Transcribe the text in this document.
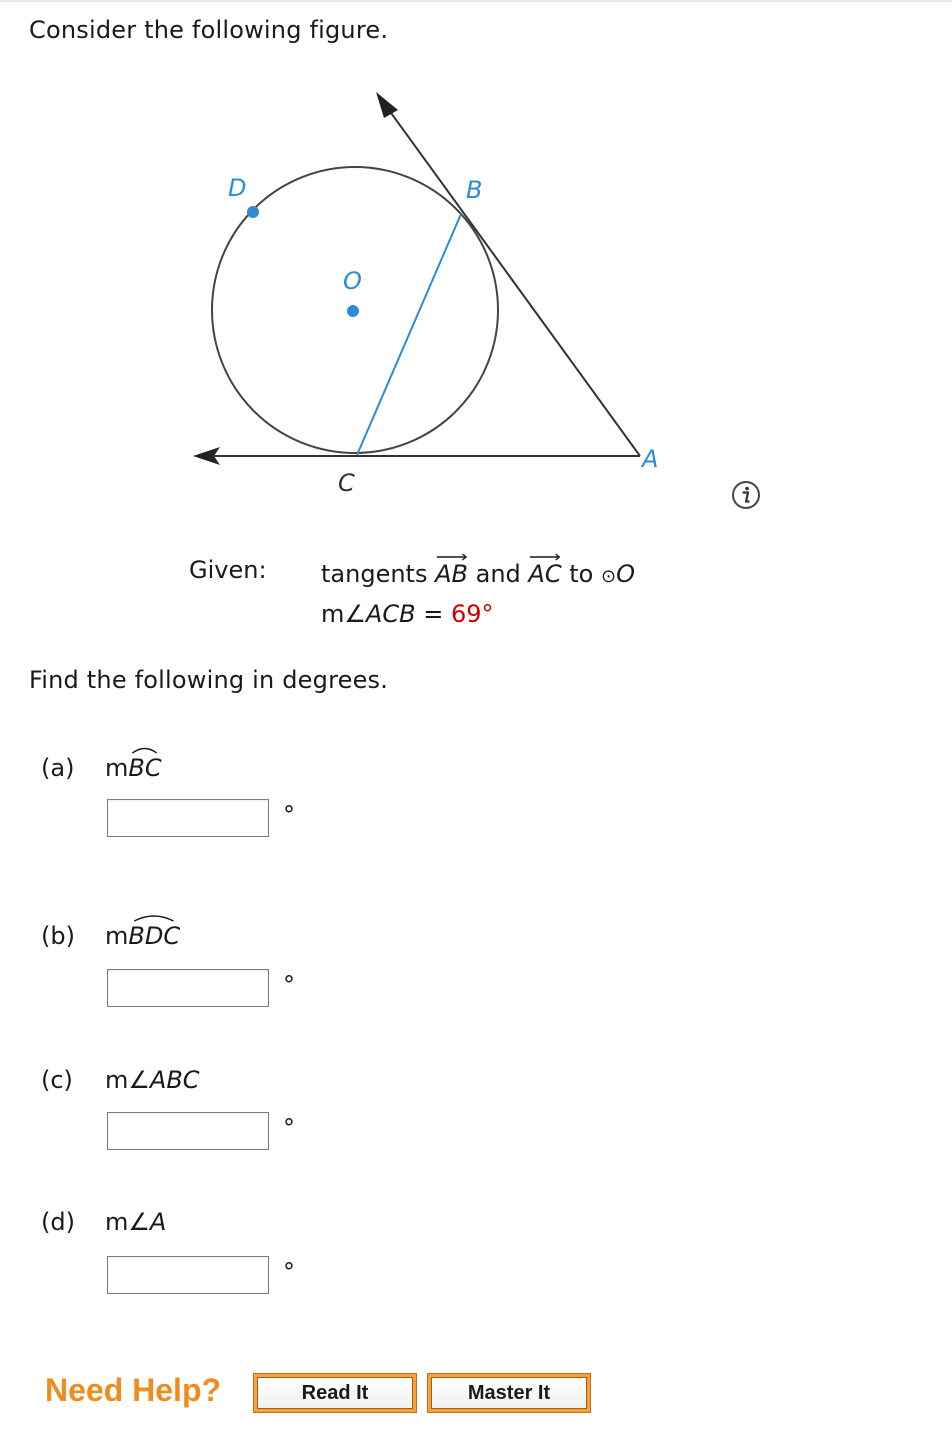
Consider the following figure.
D	B
O
C
A
Given: tangents AB and AC to ⊙O
m∠ACB = 69°
Find the following in degrees.
(a) m
BC
°
(b) m
BDC
°
(c) m∠ABC
°
(d) m∠A
°
Need Help?	Read It	Master It
